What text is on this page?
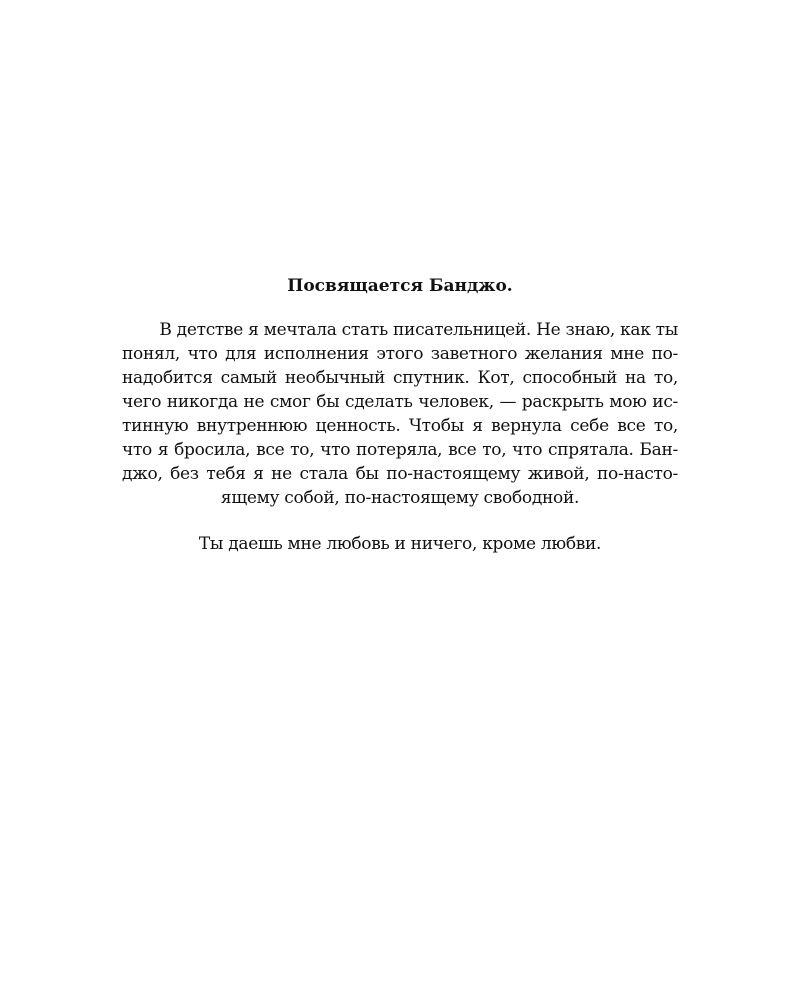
Посвящается Банджо.
В детстве я мечтала стать писательницей. Не знаю, как ты
понял, что для исполнения этого заветного желания мне по-
надобится самый необычный спутник. Кот, способный на то,
чего никогда не смог бы сделать человек, — раскрыть мою ис-
тинную внутреннюю ценность. Чтобы я вернула себе все то,
что я бросила, все то, что потеряла, все то, что спрятала. Бан-
джо, без тебя я не стала бы по-настоящему живой, по-насто-
ящему собой, по-настоящему свободной.

Ты даешь мне любовь и ничего, кроме любви.
